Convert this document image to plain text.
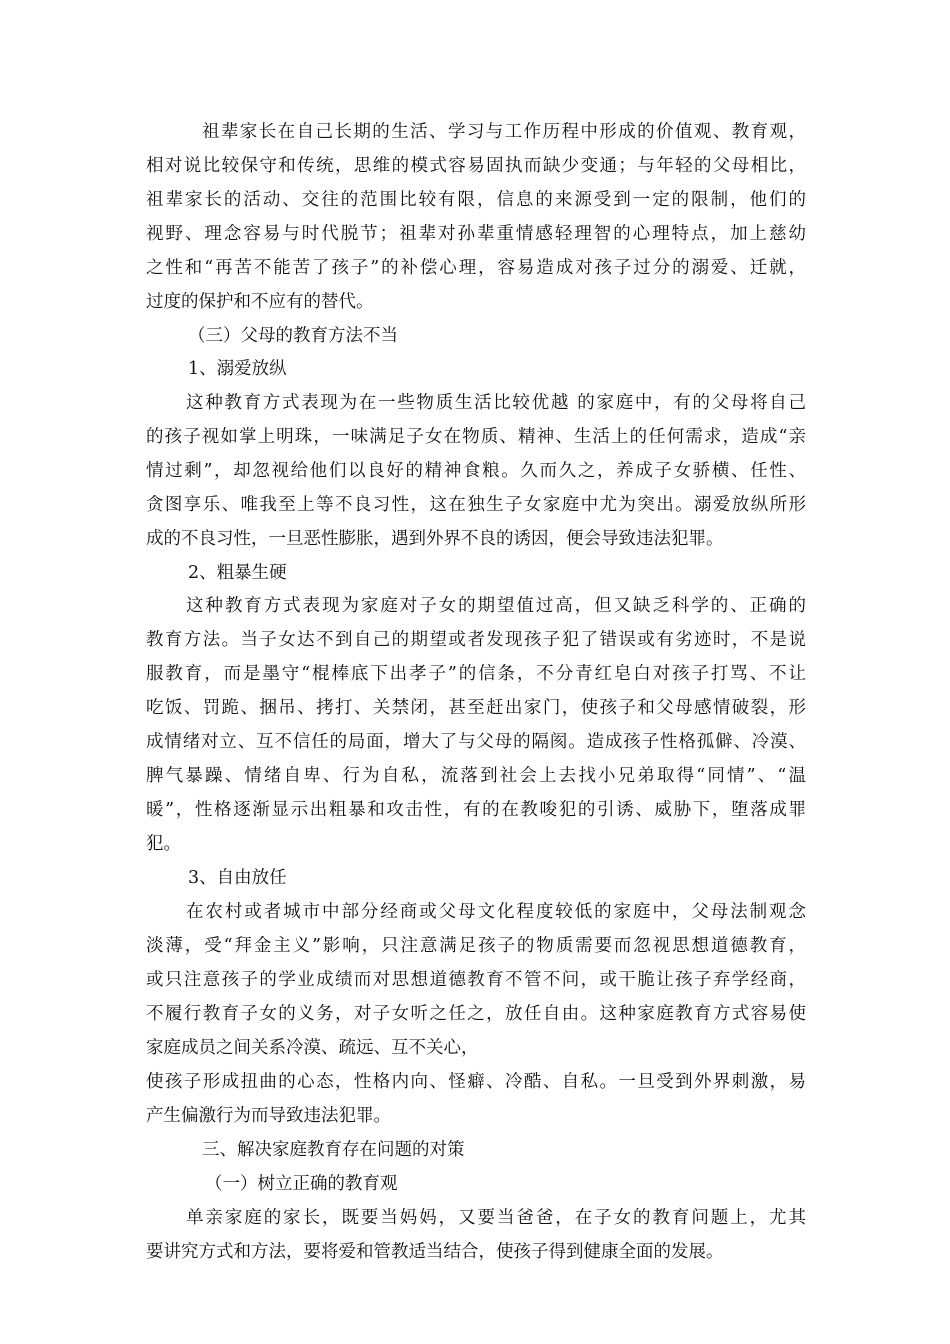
祖辈家长在自己长期的生活、学习与工作历程中形成的价值观、教育观，
相对说比较保守和传统，思维的模式容易固执而缺少变通；与年轻的父母相比，
祖辈家长的活动、交往的范围比较有限，信息的来源受到一定的限制，他们的
视野、理念容易与时代脱节；祖辈对孙辈重情感轻理智的心理特点，加上慈幼
之性和“再苦不能苦了孩子”的补偿心理，容易造成对孩子过分的溺爱、迁就，
过度的保护和不应有的替代。
（三）父母的教育方法不当
1、溺爱放纵
这种教育方式表现为在一些物质生活比较优越 的家庭中，有的父母将自己
的孩子视如掌上明珠，一味满足子女在物质、精神、生活上的任何需求，造成“亲
情过剩”，却忽视给他们以良好的精神食粮。久而久之，养成子女骄横、任性、
贪图享乐、唯我至上等不良习性，这在独生子女家庭中尤为突出。溺爱放纵所形
成的不良习性，一旦恶性膨胀，遇到外界不良的诱因，便会导致违法犯罪。
2、粗暴生硬
这种教育方式表现为家庭对子女的期望值过高，但又缺乏科学的、正确的
教育方法。当子女达不到自己的期望或者发现孩子犯了错误或有劣迹时，不是说
服教育，而是墨守“棍棒底下出孝子”的信条，不分青红皂白对孩子打骂、不让
吃饭、罚跪、捆吊、拷打、关禁闭，甚至赶出家门，使孩子和父母感情破裂，形
成情绪对立、互不信任的局面，增大了与父母的隔阂。造成孩子性格孤僻、冷漠、
脾气暴躁、情绪自卑、行为自私，流落到社会上去找小兄弟取得“同情”、“温
暖”，性格逐渐显示出粗暴和攻击性，有的在教唆犯的引诱、威胁下，堕落成罪
犯。
3、自由放任
在农村或者城市中部分经商或父母文化程度较低的家庭中，父母法制观念
淡薄，受“拜金主义”影响，只注意满足孩子的物质需要而忽视思想道德教育，
或只注意孩子的学业成绩而对思想道德教育不管不问，或干脆让孩子弃学经商，
不履行教育子女的义务，对子女听之任之，放任自由。这种家庭教育方式容易使
家庭成员之间关系冷漠、疏远、互不关心，
使孩子形成扭曲的心态，性格内向、怪癖、冷酷、自私。一旦受到外界刺激，易
产生偏激行为而导致违法犯罪。
三、解决家庭教育存在问题的对策
（一）树立正确的教育观
单亲家庭的家长，既要当妈妈，又要当爸爸，在子女的教育问题上，尤其
要讲究方式和方法，要将爱和管教适当结合，使孩子得到健康全面的发展。
